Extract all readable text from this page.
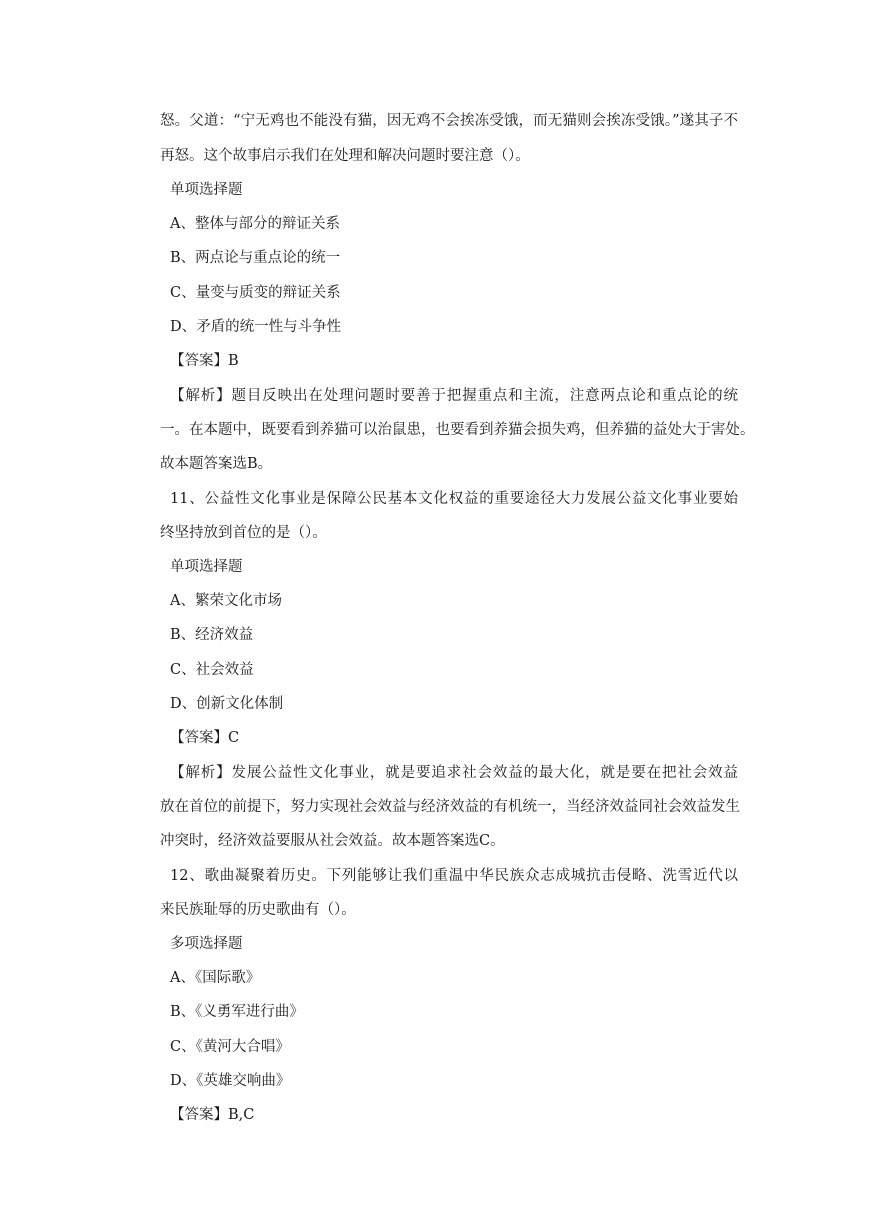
怒。父道：“宁无鸡也不能没有猫，因无鸡不会挨冻受饿，而无猫则会挨冻受饿。”遂其子不
再怒。这个故事启示我们在处理和解决问题时要注意（）。
单项选择题
A、整体与部分的辩证关系
B、两点论与重点论的统一
C、量变与质变的辩证关系
D、矛盾的统一性与斗争性
【答案】B
【解析】题目反映出在处理问题时要善于把握重点和主流，注意两点论和重点论的统
一。在本题中，既要看到养猫可以治鼠患，也要看到养猫会损失鸡，但养猫的益处大于害处。
故本题答案选B。
11、公益性文化事业是保障公民基本文化权益的重要途径大力发展公益文化事业要始
终坚持放到首位的是（）。
单项选择题
A、繁荣文化市场
B、经济效益
C、社会效益
D、创新文化体制
【答案】C
【解析】发展公益性文化事业，就是要追求社会效益的最大化，就是要在把社会效益
放在首位的前提下，努力实现社会效益与经济效益的有机统一，当经济效益同社会效益发生
冲突时，经济效益要服从社会效益。故本题答案选C。
12、歌曲凝聚着历史。下列能够让我们重温中华民族众志成城抗击侵略、洗雪近代以
来民族耻辱的历史歌曲有（）。
多项选择题
A、《国际歌》
B、《义勇军进行曲》
C、《黄河大合唱》
D、《英雄交响曲》
【答案】B,C
